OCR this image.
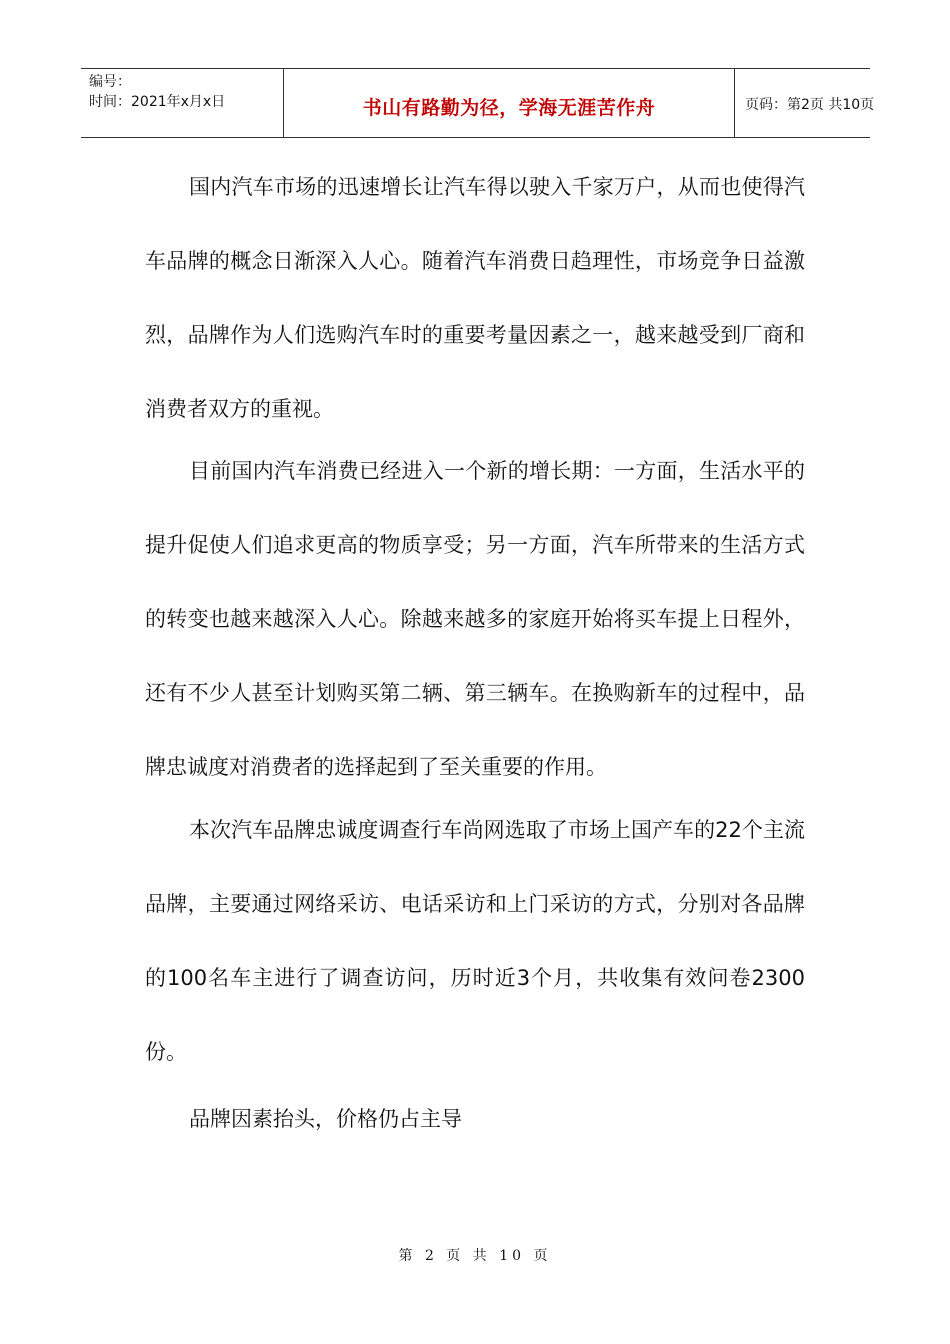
编号：
时间：2021年x月x日	书山有路勤为径，学海无涯苦作舟	页码：第2页 共10页

国内汽车市场的迅速增长让汽车得以驶入千家万户，从而也使得汽车品牌的概念日渐深入人心。随着汽车消费日趋理性，市场竞争日益激烈，品牌作为人们选购汽车时的重要考量因素之一，越来越受到厂商和消费者双方的重视。

目前国内汽车消费已经进入一个新的增长期：一方面，生活水平的提升促使人们追求更高的物质享受；另一方面，汽车所带来的生活方式的转变也越来越深入人心。除越来越多的家庭开始将买车提上日程外，还有不少人甚至计划购买第二辆、第三辆车。在换购新车的过程中，品牌忠诚度对消费者的选择起到了至关重要的作用。

本次汽车品牌忠诚度调查行车尚网选取了市场上国产车的22个主流品牌，主要通过网络采访、电话采访和上门采访的方式，分别对各品牌的100名车主进行了调查访问，历时近3个月，共收集有效问卷2300份。

品牌因素抬头，价格仍占主导

第 2 页 共 10 页
